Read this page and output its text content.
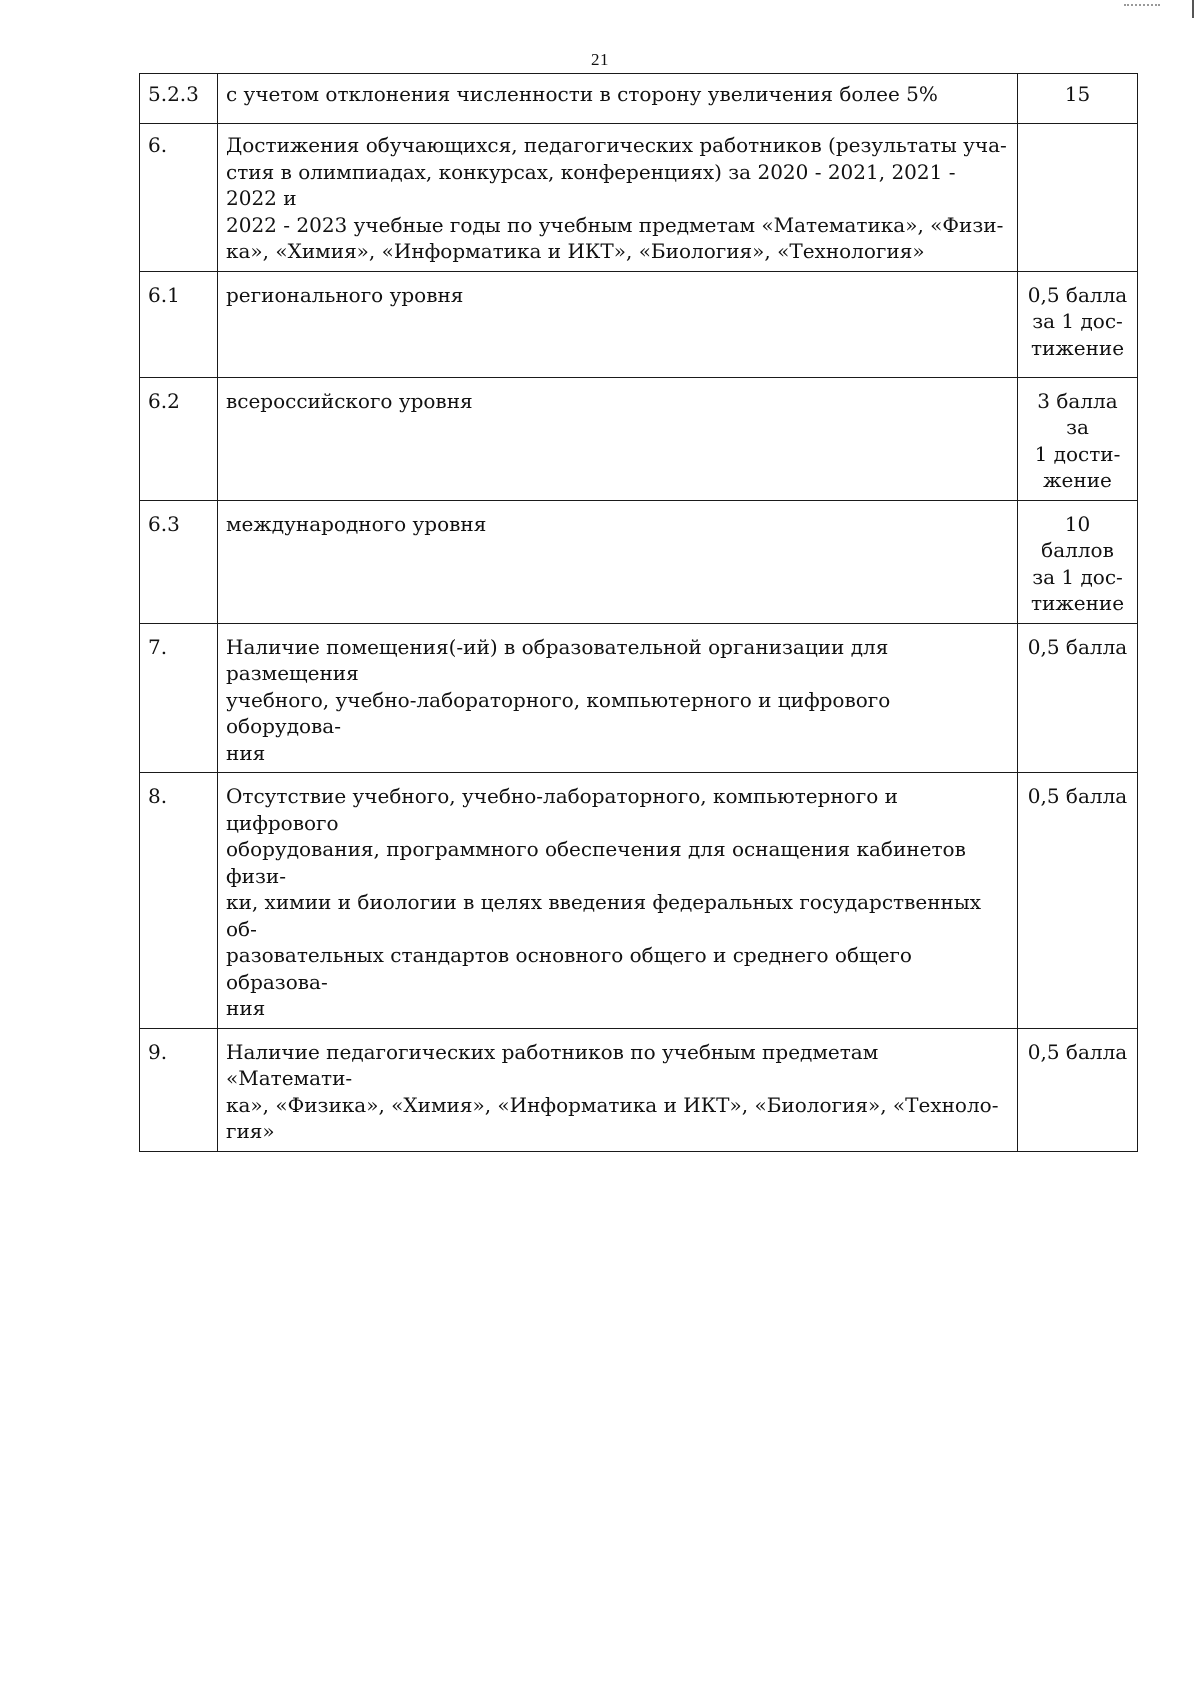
21
5.2.3	с учетом отклонения численности в сторону увеличения более 5%	15
6.	Достижения обучающихся, педагогических работников (результаты уча-
стия в олимпиадах, конкурсах, конференциях) за 2020 - 2021, 2021 - 2022 и
2022 - 2023 учебные годы по учебным предметам «Математика», «Физи-
ка», «Химия», «Информатика и ИКТ», «Биология», «Технология»	
6.1	регионального уровня	0,5 балла
за 1 дос-
тижение
6.2	всероссийского уровня	3 балла за
1 дости-
жение
6.3	международного уровня	10 баллов
за 1 дос-
тижение
7.	Наличие помещения(-ий) в образовательной организации для размещения
учебного, учебно-лабораторного, компьютерного и цифрового оборудова-
ния	0,5 балла
8.	Отсутствие учебного, учебно-лабораторного, компьютерного и цифрового
оборудования, программного обеспечения для оснащения кабинетов физи-
ки, химии и биологии в целях введения федеральных государственных об-
разовательных стандартов основного общего и среднего общего образова-
ния	0,5 балла
9.	Наличие педагогических работников по учебным предметам «Математи-
ка», «Физика», «Химия», «Информатика и ИКТ», «Биология», «Техноло-
гия»	0,5 балла
